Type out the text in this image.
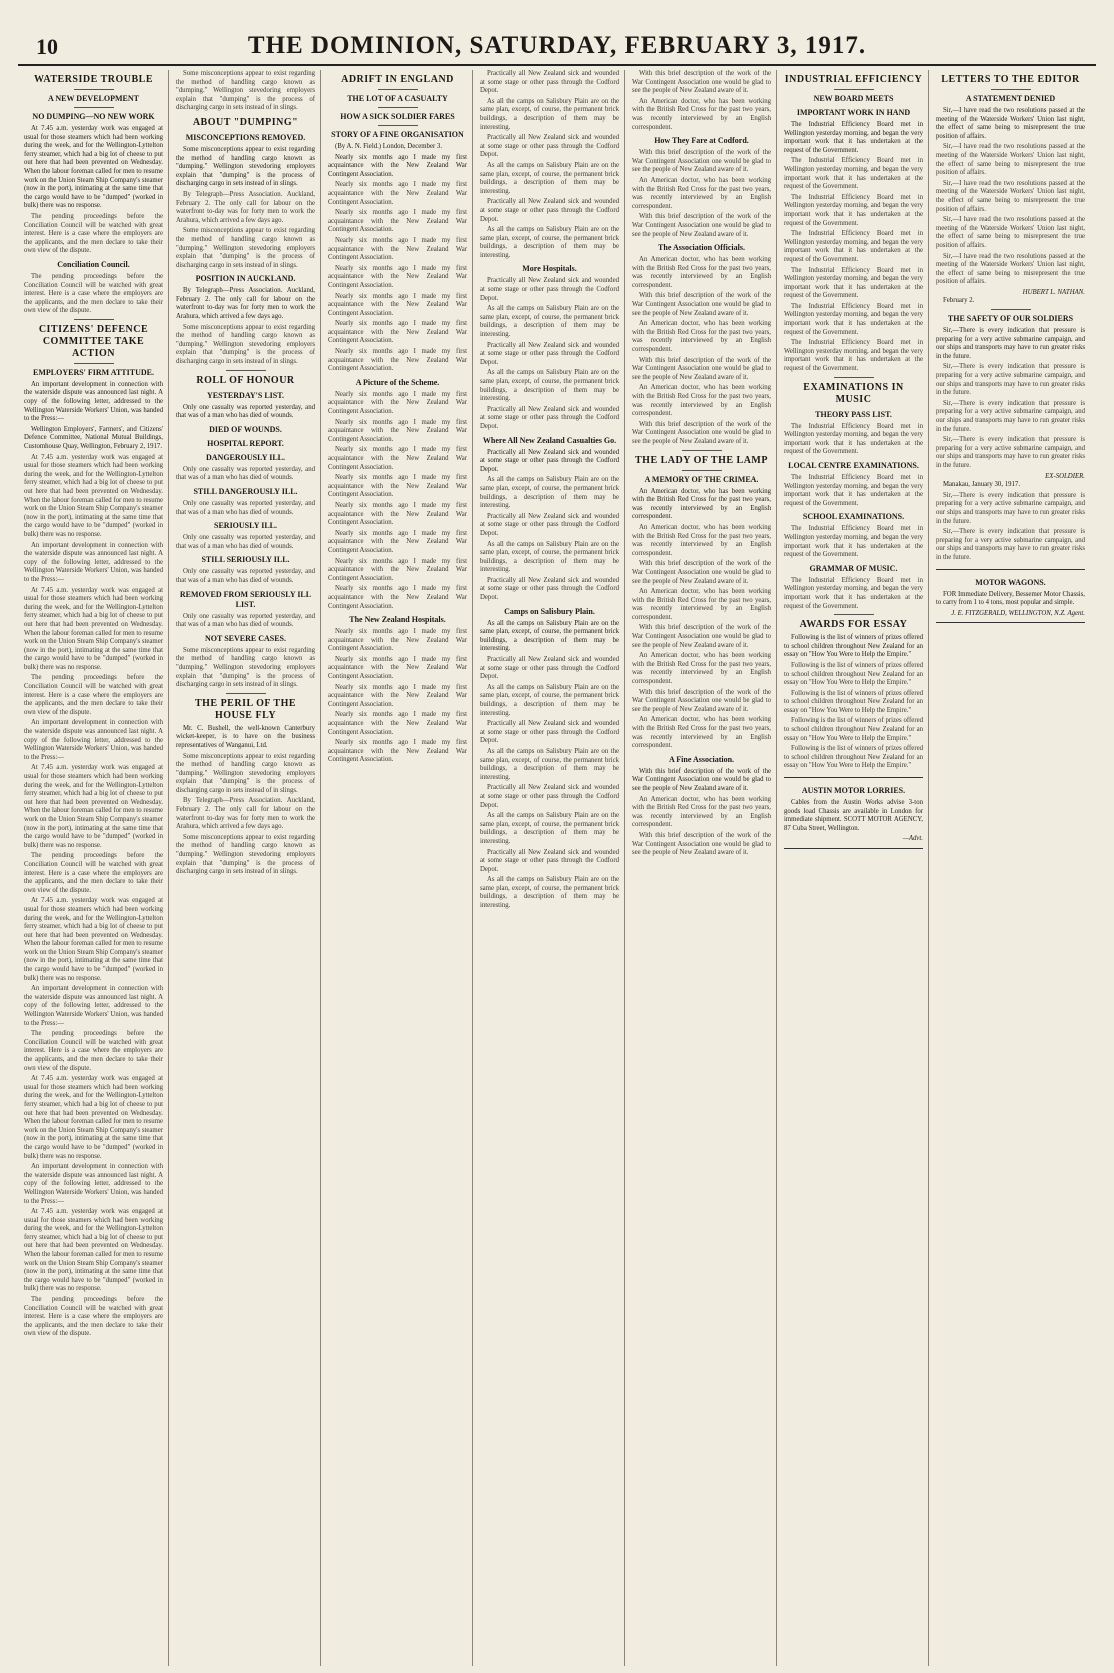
10	THE DOMINION, SATURDAY, FEBRUARY 3, 1917.
WATERSIDE TROUBLE
A NEW DEVELOPMENT
NO DUMPING—NO NEW WORK

At 7.45 a.m. yesterday work was engaged at usual for those steamers which had been working during the week, and for the Wellington-Lyttelton ferry steamer, which had a big lot of cheese to put out here that had been prevented on Wednesday. When the labour foreman called for men to resume work on the Union Steam Ship Company's steamer (now in the port), intimating at the same time that the cargo would have to be "dumped" (worked in bulk) there was no response.

The pending proceedings before the Conciliation Council will be watched with great interest. Here is a case where the employers are the applicants, and the men declare to take their own view of the dispute.

Conciliation Council.

The pending proceedings before the Conciliation Council will be watched with great interest. Here is a case where the employers are the applicants, and the men declare to take their own view of the dispute.

CITIZENS' DEFENCE COMMITTEE TAKE ACTION
EMPLOYERS' FIRM ATTITUDE.

An important development in connection with the waterside dispute was announced last night. A copy of the following letter, addressed to the Wellington Waterside Workers' Union, was handed to the Press:—

Wellington Employers', Farmers', and Citizens' Defence Committee, National Mutual Buildings, Customhouse Quay, Wellington, February 2, 1917.

At 7.45 a.m. yesterday work was engaged at usual for those steamers which had been working during the week, and for the Wellington-Lyttelton ferry steamer, which had a big lot of cheese to put out here that had been prevented on Wednesday. When the labour foreman called for men to resume work on the Union Steam Ship Company's steamer (now in the port), intimating at the same time that the cargo would have to be "dumped" (worked in bulk) there was no response.

An important development in connection with the waterside dispute was announced last night. A copy of the following letter, addressed to the Wellington Waterside Workers' Union, was handed to the Press:—

At 7.45 a.m. yesterday work was engaged at usual for those steamers which had been working during the week, and for the Wellington-Lyttelton ferry steamer, which had a big lot of cheese to put out here that had been prevented on Wednesday. When the labour foreman called for men to resume work on the Union Steam Ship Company's steamer (now in the port), intimating at the same time that the cargo would have to be "dumped" (worked in bulk) there was no response.

The pending proceedings before the Conciliation Council will be watched with great interest. Here is a case where the employers are the applicants, and the men declare to take their own view of the dispute.

An important development in connection with the waterside dispute was announced last night. A copy of the following letter, addressed to the Wellington Waterside Workers' Union, was handed to the Press:—

At 7.45 a.m. yesterday work was engaged at usual for those steamers which had been working during the week, and for the Wellington-Lyttelton ferry steamer, which had a big lot of cheese to put out here that had been prevented on Wednesday. When the labour foreman called for men to resume work on the Union Steam Ship Company's steamer (now in the port), intimating at the same time that the cargo would have to be "dumped" (worked in bulk) there was no response.

The pending proceedings before the Conciliation Council will be watched with great interest. Here is a case where the employers are the applicants, and the men declare to take their own view of the dispute.

At 7.45 a.m. yesterday work was engaged at usual for those steamers which had been working during the week, and for the Wellington-Lyttelton ferry steamer, which had a big lot of cheese to put out here that had been prevented on Wednesday. When the labour foreman called for men to resume work on the Union Steam Ship Company's steamer (now in the port), intimating at the same time that the cargo would have to be "dumped" (worked in bulk) there was no response.

An important development in connection with the waterside dispute was announced last night. A copy of the following letter, addressed to the Wellington Waterside Workers' Union, was handed to the Press:—

The pending proceedings before the Conciliation Council will be watched with great interest. Here is a case where the employers are the applicants, and the men declare to take their own view of the dispute.

At 7.45 a.m. yesterday work was engaged at usual for those steamers which had been working during the week, and for the Wellington-Lyttelton ferry steamer, which had a big lot of cheese to put out here that had been prevented on Wednesday. When the labour foreman called for men to resume work on the Union Steam Ship Company's steamer (now in the port), intimating at the same time that the cargo would have to be "dumped" (worked in bulk) there was no response.

An important development in connection with the waterside dispute was announced last night. A copy of the following letter, addressed to the Wellington Waterside Workers' Union, was handed to the Press:—

At 7.45 a.m. yesterday work was engaged at usual for those steamers which had been working during the week, and for the Wellington-Lyttelton ferry steamer, which had a big lot of cheese to put out here that had been prevented on Wednesday. When the labour foreman called for men to resume work on the Union Steam Ship Company's steamer (now in the port), intimating at the same time that the cargo would have to be "dumped" (worked in bulk) there was no response.

The pending proceedings before the Conciliation Council will be watched with great interest. Here is a case where the employers are the applicants, and the men declare to take their own view of the dispute.

Some misconceptions appear to exist regarding the method of handling cargo known as "dumping." Wellington stevedoring employers explain that "dumping" is the process of discharging cargo in sets instead of in slings.

ABOUT "DUMPING"
MISCONCEPTIONS REMOVED.

Some misconceptions appear to exist regarding the method of handling cargo known as "dumping." Wellington stevedoring employers explain that "dumping" is the process of discharging cargo in sets instead of in slings.

By Telegraph—Press Association. Auckland, February 2. The only call for labour on the waterfront to-day was for forty men to work the Arahura, which arrived a few days ago.

Some misconceptions appear to exist regarding the method of handling cargo known as "dumping." Wellington stevedoring employers explain that "dumping" is the process of discharging cargo in sets instead of in slings.

POSITION IN AUCKLAND.

By Telegraph—Press Association. Auckland, February 2. The only call for labour on the waterfront to-day was for forty men to work the Arahura, which arrived a few days ago.

Some misconceptions appear to exist regarding the method of handling cargo known as "dumping." Wellington stevedoring employers explain that "dumping" is the process of discharging cargo in sets instead of in slings.

ROLL OF HONOUR
YESTERDAY'S LIST.

Only one casualty was reported yesterday, and that was of a man who has died of wounds.

DIED OF WOUNDS.
HOSPITAL REPORT.
DANGEROUSLY ILL.

Only one casualty was reported yesterday, and that was of a man who has died of wounds.

STILL DANGEROUSLY ILL.

Only one casualty was reported yesterday, and that was of a man who has died of wounds.

SERIOUSLY ILL.

Only one casualty was reported yesterday, and that was of a man who has died of wounds.

STILL SERIOUSLY ILL.

Only one casualty was reported yesterday, and that was of a man who has died of wounds.

REMOVED FROM SERIOUSLY ILL LIST.

Only one casualty was reported yesterday, and that was of a man who has died of wounds.

NOT SEVERE CASES.

Some misconceptions appear to exist regarding the method of handling cargo known as "dumping." Wellington stevedoring employers explain that "dumping" is the process of discharging cargo in sets instead of in slings.

THE PERIL OF THE HOUSE FLY

Mr. C. Bushell, the well-known Canterbury wicket-keeper, is to have on the business representatives of Wanganui, Ltd.

Some misconceptions appear to exist regarding the method of handling cargo known as "dumping." Wellington stevedoring employers explain that "dumping" is the process of discharging cargo in sets instead of in slings.

By Telegraph—Press Association. Auckland, February 2. The only call for labour on the waterfront to-day was for forty men to work the Arahura, which arrived a few days ago.

Some misconceptions appear to exist regarding the method of handling cargo known as "dumping." Wellington stevedoring employers explain that "dumping" is the process of discharging cargo in sets instead of in slings.

ADRIFT IN ENGLAND
THE LOT OF A CASUALTY
HOW A SICK SOLDIER FARES
STORY OF A FINE ORGANISATION

(By A. N. Field.) London, December 3.

Nearly six months ago I made my first acquaintance with the New Zealand War Contingent Association.

Nearly six months ago I made my first acquaintance with the New Zealand War Contingent Association.

Nearly six months ago I made my first acquaintance with the New Zealand War Contingent Association.

Nearly six months ago I made my first acquaintance with the New Zealand War Contingent Association.

Nearly six months ago I made my first acquaintance with the New Zealand War Contingent Association.

Nearly six months ago I made my first acquaintance with the New Zealand War Contingent Association.

Nearly six months ago I made my first acquaintance with the New Zealand War Contingent Association.

Nearly six months ago I made my first acquaintance with the New Zealand War Contingent Association.

A Picture of the Scheme.

Nearly six months ago I made my first acquaintance with the New Zealand War Contingent Association.

Nearly six months ago I made my first acquaintance with the New Zealand War Contingent Association.

Nearly six months ago I made my first acquaintance with the New Zealand War Contingent Association.

Nearly six months ago I made my first acquaintance with the New Zealand War Contingent Association.

Nearly six months ago I made my first acquaintance with the New Zealand War Contingent Association.

Nearly six months ago I made my first acquaintance with the New Zealand War Contingent Association.

Nearly six months ago I made my first acquaintance with the New Zealand War Contingent Association.

Nearly six months ago I made my first acquaintance with the New Zealand War Contingent Association.

The New Zealand Hospitals.

Nearly six months ago I made my first acquaintance with the New Zealand War Contingent Association.

Nearly six months ago I made my first acquaintance with the New Zealand War Contingent Association.

Nearly six months ago I made my first acquaintance with the New Zealand War Contingent Association.

Nearly six months ago I made my first acquaintance with the New Zealand War Contingent Association.

Nearly six months ago I made my first acquaintance with the New Zealand War Contingent Association.

Practically all New Zealand sick and wounded at some stage or other pass through the Codford Depot.

As all the camps on Salisbury Plain are on the same plan, except, of course, the permanent brick buildings, a description of them may be interesting.

Practically all New Zealand sick and wounded at some stage or other pass through the Codford Depot.

As all the camps on Salisbury Plain are on the same plan, except, of course, the permanent brick buildings, a description of them may be interesting.

Practically all New Zealand sick and wounded at some stage or other pass through the Codford Depot.

As all the camps on Salisbury Plain are on the same plan, except, of course, the permanent brick buildings, a description of them may be interesting.

More Hospitals.

Practically all New Zealand sick and wounded at some stage or other pass through the Codford Depot.

As all the camps on Salisbury Plain are on the same plan, except, of course, the permanent brick buildings, a description of them may be interesting.

Practically all New Zealand sick and wounded at some stage or other pass through the Codford Depot.

As all the camps on Salisbury Plain are on the same plan, except, of course, the permanent brick buildings, a description of them may be interesting.

Practically all New Zealand sick and wounded at some stage or other pass through the Codford Depot.

Where All New Zealand Casualties Go.

Practically all New Zealand sick and wounded at some stage or other pass through the Codford Depot.

As all the camps on Salisbury Plain are on the same plan, except, of course, the permanent brick buildings, a description of them may be interesting.

Practically all New Zealand sick and wounded at some stage or other pass through the Codford Depot.

As all the camps on Salisbury Plain are on the same plan, except, of course, the permanent brick buildings, a description of them may be interesting.

Practically all New Zealand sick and wounded at some stage or other pass through the Codford Depot.

Camps on Salisbury Plain.

As all the camps on Salisbury Plain are on the same plan, except, of course, the permanent brick buildings, a description of them may be interesting.

Practically all New Zealand sick and wounded at some stage or other pass through the Codford Depot.

As all the camps on Salisbury Plain are on the same plan, except, of course, the permanent brick buildings, a description of them may be interesting.

Practically all New Zealand sick and wounded at some stage or other pass through the Codford Depot.

As all the camps on Salisbury Plain are on the same plan, except, of course, the permanent brick buildings, a description of them may be interesting.

Practically all New Zealand sick and wounded at some stage or other pass through the Codford Depot.

As all the camps on Salisbury Plain are on the same plan, except, of course, the permanent brick buildings, a description of them may be interesting.

Practically all New Zealand sick and wounded at some stage or other pass through the Codford Depot.

As all the camps on Salisbury Plain are on the same plan, except, of course, the permanent brick buildings, a description of them may be interesting.

With this brief description of the work of the War Contingent Association one would be glad to see the people of New Zealand aware of it.

An American doctor, who has been working with the British Red Cross for the past two years, was recently interviewed by an English correspondent.

How They Fare at Codford.

With this brief description of the work of the War Contingent Association one would be glad to see the people of New Zealand aware of it.

An American doctor, who has been working with the British Red Cross for the past two years, was recently interviewed by an English correspondent.

With this brief description of the work of the War Contingent Association one would be glad to see the people of New Zealand aware of it.

The Association Officials.

An American doctor, who has been working with the British Red Cross for the past two years, was recently interviewed by an English correspondent.

With this brief description of the work of the War Contingent Association one would be glad to see the people of New Zealand aware of it.

An American doctor, who has been working with the British Red Cross for the past two years, was recently interviewed by an English correspondent.

With this brief description of the work of the War Contingent Association one would be glad to see the people of New Zealand aware of it.

An American doctor, who has been working with the British Red Cross for the past two years, was recently interviewed by an English correspondent.

With this brief description of the work of the War Contingent Association one would be glad to see the people of New Zealand aware of it.

THE LADY OF THE LAMP
A MEMORY OF THE CRIMEA.

An American doctor, who has been working with the British Red Cross for the past two years, was recently interviewed by an English correspondent.

An American doctor, who has been working with the British Red Cross for the past two years, was recently interviewed by an English correspondent.

With this brief description of the work of the War Contingent Association one would be glad to see the people of New Zealand aware of it.

An American doctor, who has been working with the British Red Cross for the past two years, was recently interviewed by an English correspondent.

With this brief description of the work of the War Contingent Association one would be glad to see the people of New Zealand aware of it.

An American doctor, who has been working with the British Red Cross for the past two years, was recently interviewed by an English correspondent.

With this brief description of the work of the War Contingent Association one would be glad to see the people of New Zealand aware of it.

An American doctor, who has been working with the British Red Cross for the past two years, was recently interviewed by an English correspondent.

A Fine Association.

With this brief description of the work of the War Contingent Association one would be glad to see the people of New Zealand aware of it.

An American doctor, who has been working with the British Red Cross for the past two years, was recently interviewed by an English correspondent.

With this brief description of the work of the War Contingent Association one would be glad to see the people of New Zealand aware of it.

INDUSTRIAL EFFICIENCY
NEW BOARD MEETS
IMPORTANT WORK IN HAND

The Industrial Efficiency Board met in Wellington yesterday morning, and began the very important work that it has undertaken at the request of the Government.

The Industrial Efficiency Board met in Wellington yesterday morning, and began the very important work that it has undertaken at the request of the Government.

The Industrial Efficiency Board met in Wellington yesterday morning, and began the very important work that it has undertaken at the request of the Government.

The Industrial Efficiency Board met in Wellington yesterday morning, and began the very important work that it has undertaken at the request of the Government.

The Industrial Efficiency Board met in Wellington yesterday morning, and began the very important work that it has undertaken at the request of the Government.

The Industrial Efficiency Board met in Wellington yesterday morning, and began the very important work that it has undertaken at the request of the Government.

The Industrial Efficiency Board met in Wellington yesterday morning, and began the very important work that it has undertaken at the request of the Government.

EXAMINATIONS IN MUSIC
THEORY PASS LIST.

The Industrial Efficiency Board met in Wellington yesterday morning, and began the very important work that it has undertaken at the request of the Government.

LOCAL CENTRE EXAMINATIONS.

The Industrial Efficiency Board met in Wellington yesterday morning, and began the very important work that it has undertaken at the request of the Government.

SCHOOL EXAMINATIONS.

The Industrial Efficiency Board met in Wellington yesterday morning, and began the very important work that it has undertaken at the request of the Government.

GRAMMAR OF MUSIC.

The Industrial Efficiency Board met in Wellington yesterday morning, and began the very important work that it has undertaken at the request of the Government.

AWARDS FOR ESSAY

Following is the list of winners of prizes offered to school children throughout New Zealand for an essay on "How You Were to Help the Empire."

Following is the list of winners of prizes offered to school children throughout New Zealand for an essay on "How You Were to Help the Empire."

Following is the list of winners of prizes offered to school children throughout New Zealand for an essay on "How You Were to Help the Empire."

Following is the list of winners of prizes offered to school children throughout New Zealand for an essay on "How You Were to Help the Empire."

Following is the list of winners of prizes offered to school children throughout New Zealand for an essay on "How You Were to Help the Empire."

AUSTIN MOTOR LORRIES.

Cables from the Austin Works advise 3-ton goods load Chassis are available in London for immediate shipment. SCOTT MOTOR AGENCY, 87 Cuba Street, Wellington.

—Advt.
LETTERS TO THE EDITOR
A STATEMENT DENIED

Sir,—I have read the two resolutions passed at the meeting of the Waterside Workers' Union last night, the effect of same being to misrepresent the true position of affairs.

Sir,—I have read the two resolutions passed at the meeting of the Waterside Workers' Union last night, the effect of same being to misrepresent the true position of affairs.

Sir,—I have read the two resolutions passed at the meeting of the Waterside Workers' Union last night, the effect of same being to misrepresent the true position of affairs.

Sir,—I have read the two resolutions passed at the meeting of the Waterside Workers' Union last night, the effect of same being to misrepresent the true position of affairs.

Sir,—I have read the two resolutions passed at the meeting of the Waterside Workers' Union last night, the effect of same being to misrepresent the true position of affairs.

HUBERT L. NATHAN.

February 2.

THE SAFETY OF OUR SOLDIERS

Sir,—There is every indication that pressure is preparing for a very active submarine campaign, and our ships and transports may have to run greater risks in the future.

Sir,—There is every indication that pressure is preparing for a very active submarine campaign, and our ships and transports may have to run greater risks in the future.

Sir,—There is every indication that pressure is preparing for a very active submarine campaign, and our ships and transports may have to run greater risks in the future.

Sir,—There is every indication that pressure is preparing for a very active submarine campaign, and our ships and transports may have to run greater risks in the future.

EX-SOLDIER.

Manakau, January 30, 1917.

Sir,—There is every indication that pressure is preparing for a very active submarine campaign, and our ships and transports may have to run greater risks in the future.

Sir,—There is every indication that pressure is preparing for a very active submarine campaign, and our ships and transports may have to run greater risks in the future.

MOTOR WAGONS.

FOR Immediate Delivery, Bessemer Motor Chassis, to carry from 1 to 4 tons, most popular and simple.

J. E. FITZGERALD, WELLINGTON, N.Z. Agent.
